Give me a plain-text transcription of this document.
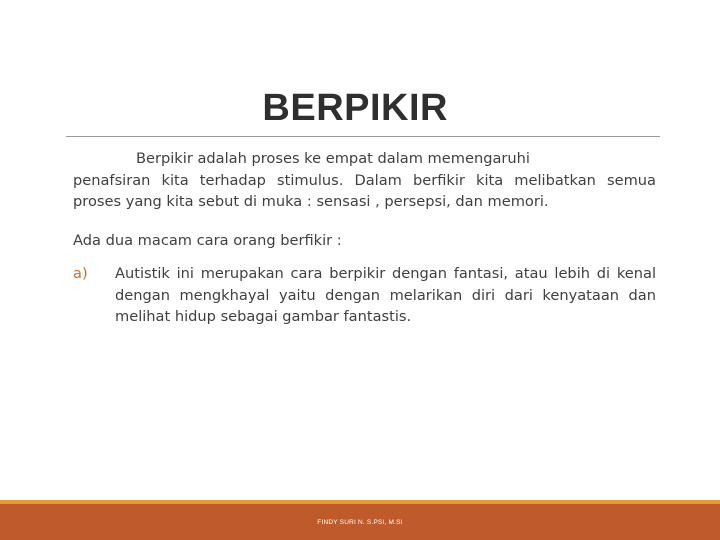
BERPIKIR

Berpikir adalah proses ke empat dalam memengaruhi
penafsiran kita terhadap stimulus. Dalam berfikir kita melibatkan semua proses yang kita sebut di muka : sensasi , persepsi, dan memori.

Ada dua macam cara orang berfikir :

a) Autistik ini merupakan cara berpikir dengan fantasi, atau lebih di kenal dengan mengkhayal yaitu dengan melarikan diri dari kenyataan dan melihat hidup sebagai gambar fantastis.
FINDY SURI N. S.PSI, M.SI
